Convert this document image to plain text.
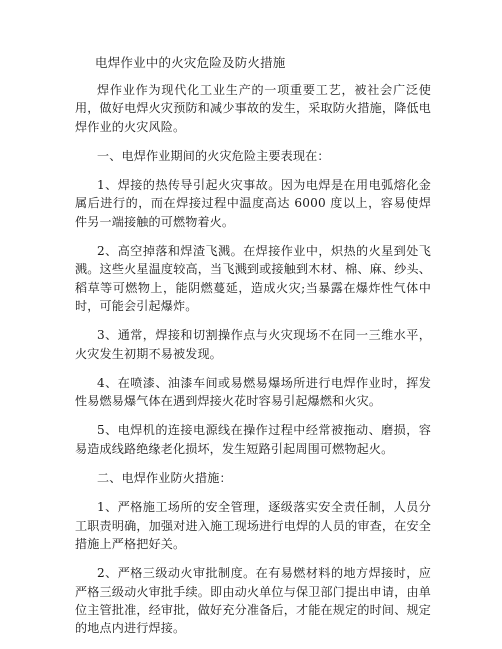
电焊作业中的火灾危险及防火措施

焊作业作为现代化工业生产的一项重要工艺，被社会广泛使用，做好电焊火灾预防和减少事故的发生，采取防火措施，降低电焊作业的火灾风险。

一、电焊作业期间的火灾危险主要表现在：

1、焊接的热传导引起火灾事故。因为电焊是在用电弧熔化金属后进行的，而在焊接过程中温度高达 6000 度以上，容易使焊件另一端接触的可燃物着火。

2、高空掉落和焊渣飞溅。在焊接作业中，炽热的火星到处飞溅。这些火星温度较高，当飞溅到或接触到木材、棉、麻、纱头、稻草等可燃物上，能阴燃蔓延，造成火灾;当暴露在爆炸性气体中时，可能会引起爆炸。

3、通常，焊接和切割操作点与火灾现场不在同一三维水平，火灾发生初期不易被发现。

4、在喷漆、油漆车间或易燃易爆场所进行电焊作业时，挥发性易燃易爆气体在遇到焊接火花时容易引起爆燃和火灾。

5、电焊机的连接电源线在操作过程中经常被拖动、磨损，容易造成线路绝缘老化损坏，发生短路引起周围可燃物起火。

二、电焊作业防火措施：

1、严格施工场所的安全管理，逐级落实安全责任制，人员分工职责明确，加强对进入施工现场进行电焊的人员的审查，在安全措施上严格把好关。

2、严格三级动火审批制度。在有易燃材料的地方焊接时，应严格三级动火审批手续。即由动火单位与保卫部门提出申请，由单位主管批准，经审批，做好充分准备后，才能在规定的时间、规定的地点内进行焊接。
